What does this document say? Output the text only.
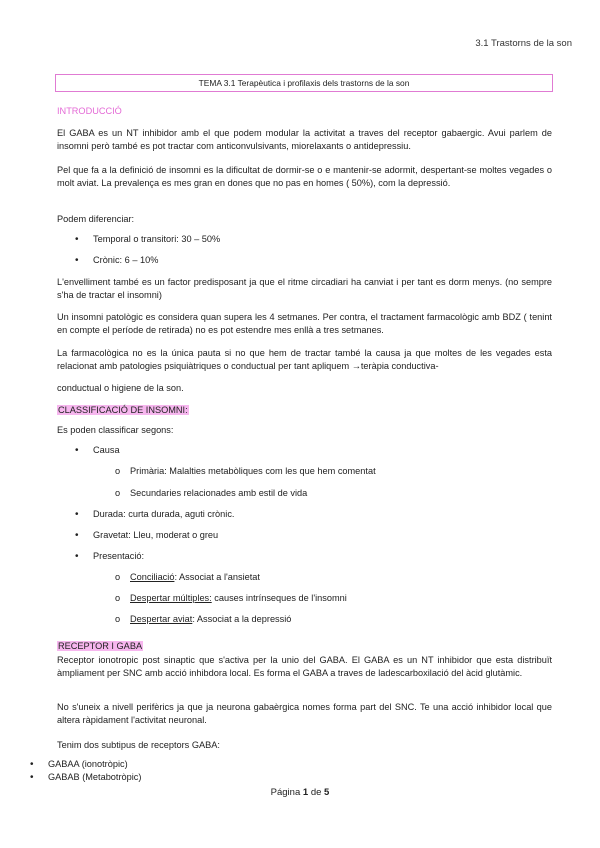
3.1 Trastorns de la son
TEMA 3.1 Terapèutica i profilaxis dels trastorns de la son
INTRODUCCIÓ

El GABA es un NT inhibidor amb el que podem modular la activitat a traves del receptor gabaergic. Avui parlem de insomni però també es pot tractar com anticonvulsivants, miorelaxants o antidepressiu.

Pel que fa a la definició de insomni es la dificultat de dormir-se o e mantenir-se adormit, despertant-se moltes vegades o molt aviat. La prevalença es mes gran en dones que no pas en homes ( 50%), com la depressió.

Podem diferenciar:

• Temporal o transitori: 30 – 50%
• Crònic: 6 – 10%

L'envelliment també es un factor predisposant ja que el ritme circadiari ha canviat i per tant es dorm menys. (no sempre s'ha de tractar el insomni)

Un insomni patològic es considera quan supera les 4 setmanes. Per contra, el tractament farmacològic amb BDZ ( tenint en compte el període de retirada) no es pot estendre mes enllà a tres setmanes.

La farmacològica no es la única pauta si no que hem de tractar també la causa ja que moltes de les vegades esta relacionat amb patologies psiquiàtriques o conductual per tant apliquem →teràpia conductiva-

conductual o higiene de la son.

CLASSIFICACIÓ DE INSOMNI:

Es poden classificar segons:

• Causa
o Primària: Malalties metabòliques com les que hem comentat
o Secundaries relacionades amb estil de vida
• Durada: curta durada, aguti crònic.
• Gravetat: Lleu, moderat o greu
• Presentació:
o Conciliació: Associat a l'ansietat
o Despertar múltiples: causes intrínseques de l'insomni
o Despertar aviat: Associat a la depressió
RECEPTOR I GABA

Receptor ionotropic post sinaptic que s'activa per la unio del GABA. El GABA es un NT inhibidor que esta distribuït àmpliament per SNC amb acció inhibdora local. Es forma el GABA a traves de ladescarboxilació del àcid glutàmic.

No s'uneix a nivell perifèrics ja que ja neurona gabaèrgica nomes forma part del SNC. Te una acció inhibidor local que altera ràpidament l'activitat neuronal.

Tenim dos subtipus de receptors GABA:

• GABAA (ionotròpic)
• GABAB (Metabotròpic)
Página 1 de 5
